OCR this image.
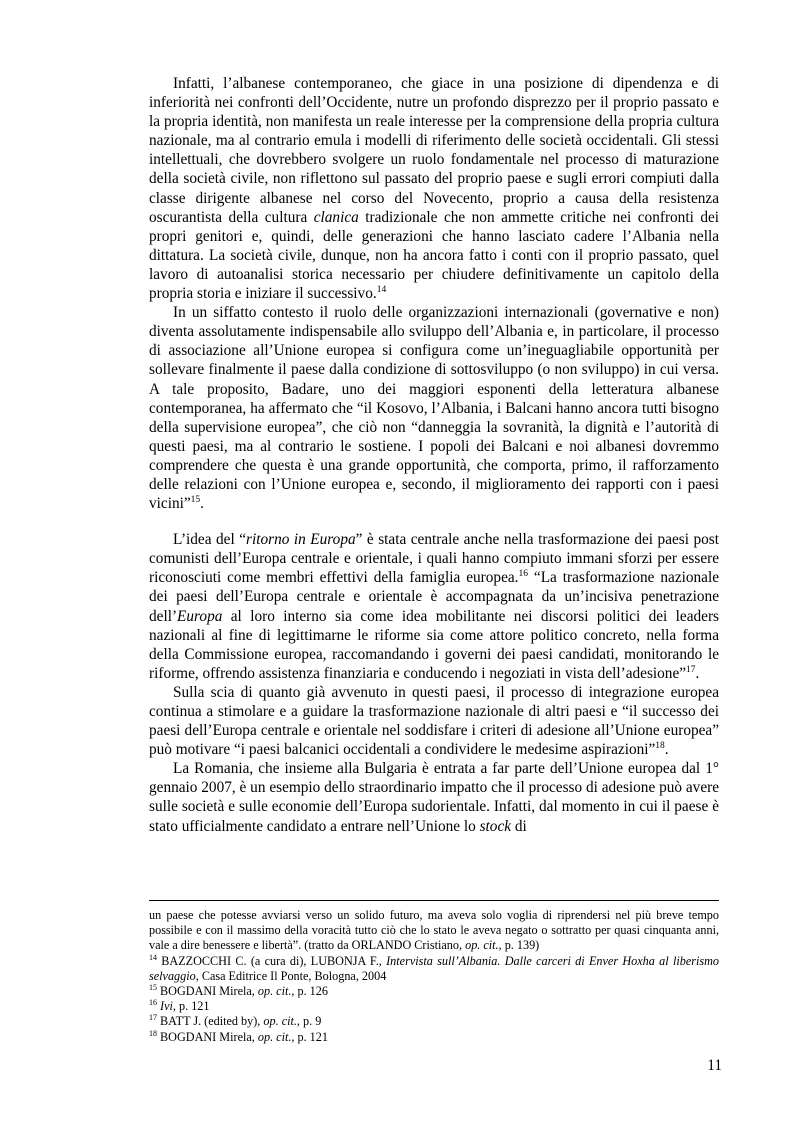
Infatti, l’albanese contemporaneo, che giace in una posizione di dipendenza e di inferiorità nei confronti dell’Occidente, nutre un profondo disprezzo per il proprio passato e la propria identità, non manifesta un reale interesse per la comprensione della propria cultura nazionale, ma al contrario emula i modelli di riferimento delle società occidentali. Gli stessi intellettuali, che dovrebbero svolgere un ruolo fondamentale nel processo di maturazione della società civile, non riflettono sul passato del proprio paese e sugli errori compiuti dalla classe dirigente albanese nel corso del Novecento, proprio a causa della resistenza oscurantista della cultura clanica tradizionale che non ammette critiche nei confronti dei propri genitori e, quindi, delle generazioni che hanno lasciato cadere l’Albania nella dittatura. La società civile, dunque, non ha ancora fatto i conti con il proprio passato, quel lavoro di autoanalisi storica necessario per chiudere definitivamente un capitolo della propria storia e iniziare il successivo.$^{14}$

In un siffatto contesto il ruolo delle organizzazioni internazionali (governative e non) diventa assolutamente indispensabile allo sviluppo dell’Albania e, in particolare, il processo di associazione all’Unione europea si configura come un’ineguagliabile opportunità per sollevare finalmente il paese dalla condizione di sottosviluppo (o non sviluppo) in cui versa. A tale proposito, Badare, uno dei maggiori esponenti della letteratura albanese contemporanea, ha affermato che “il Kosovo, l’Albania, i Balcani hanno ancora tutti bisogno della supervisione europea”, che ciò non “danneggia la sovranità, la dignità e l’autorità di questi paesi, ma al contrario le sostiene. I popoli dei Balcani e noi albanesi dovremmo comprendere che questa è una grande opportunità, che comporta, primo, il rafforzamento delle relazioni con l’Unione europea e, secondo, il miglioramento dei rapporti con i paesi vicini”$^{15}$.

L’idea del “ritorno in Europa” è stata centrale anche nella trasformazione dei paesi post comunisti dell’Europa centrale e orientale, i quali hanno compiuto immani sforzi per essere riconosciuti come membri effettivi della famiglia europea.$^{16}$ “La trasformazione nazionale dei paesi dell’Europa centrale e orientale è accompagnata da un’incisiva penetrazione dell’Europa al loro interno sia come idea mobilitante nei discorsi politici dei leaders nazionali al fine di legittimarne le riforme sia come attore politico concreto, nella forma della Commissione europea, raccomandando i governi dei paesi candidati, monitorando le riforme, offrendo assistenza finanziaria e conducendo i negoziati in vista dell’adesione”$^{17}$.

Sulla scia di quanto già avvenuto in questi paesi, il processo di integrazione europea continua a stimolare e a guidare la trasformazione nazionale di altri paesi e “il successo dei paesi dell’Europa centrale e orientale nel soddisfare i criteri di adesione all’Unione europea” può motivare “i paesi balcanici occidentali a condividere le medesime aspirazioni”$^{18}$.

La Romania, che insieme alla Bulgaria è entrata a far parte dell’Unione europea dal 1° gennaio 2007, è un esempio dello straordinario impatto che il processo di adesione può avere sulle società e sulle economie dell’Europa sudorientale. Infatti, dal momento in cui il paese è stato ufficialmente candidato a entrare nell’Unione lo stock di

un paese che potesse avviarsi verso un solido futuro, ma aveva solo voglia di riprendersi nel più breve tempo possibile e con il massimo della voracità tutto ciò che lo stato le aveva negato o sottratto per quasi cinquanta anni, vale a dire benessere e libertà”. (tratto da ORLANDO Cristiano, op. cit., p. 139)

$^{14}$ BAZZOCCHI C. (a cura di), LUBONJA F., Intervista sull’Albania. Dalle carceri di Enver Hoxha al liberismo selvaggio, Casa Editrice Il Ponte, Bologna, 2004

$^{15}$ BOGDANI Mirela, op. cit., p. 126

$^{16}$ Ivi, p. 121

$^{17}$ BATT J. (edited by), op. cit., p. 9

$^{18}$ BOGDANI Mirela, op. cit., p. 121

11
